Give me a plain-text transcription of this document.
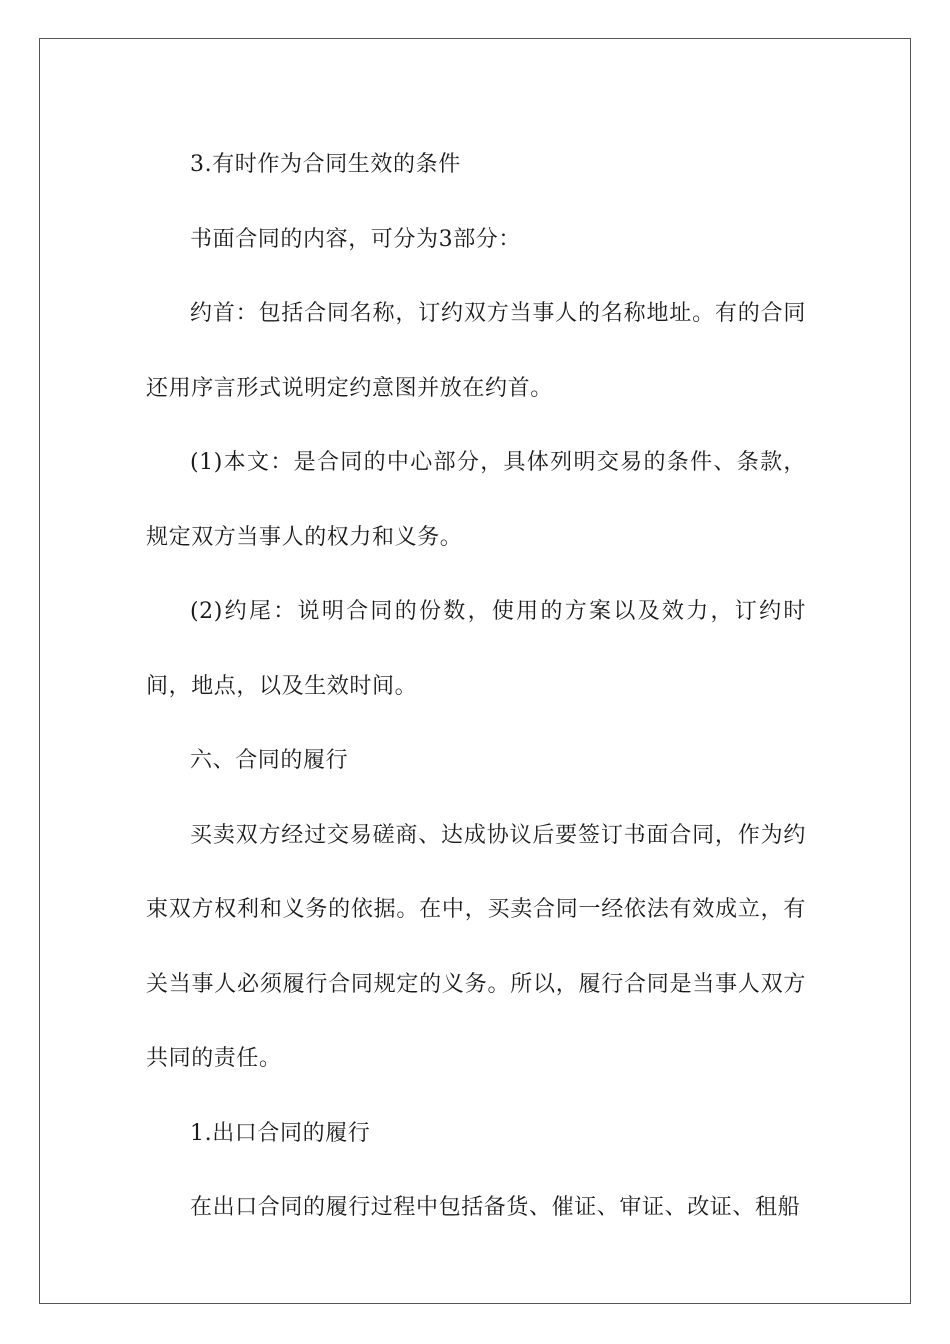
3.有时作为合同生效的条件

书面合同的内容，可分为3部分：

约首：包括合同名称，订约双方当事人的名称地址。有的合同还用序言形式说明定约意图并放在约首。

(1)本文：是合同的中心部分，具体列明交易的条件、条款，规定双方当事人的权力和义务。

(2)约尾：说明合同的份数，使用的方案以及效力，订约时间，地点，以及生效时间。

六、合同的履行

买卖双方经过交易磋商、达成协议后要签订书面合同，作为约束双方权利和义务的依据。在中，买卖合同一经依法有效成立，有关当事人必须履行合同规定的义务。所以，履行合同是当事人双方共同的责任。

1.出口合同的履行

在出口合同的履行过程中包括备货、催证、审证、改证、租船
